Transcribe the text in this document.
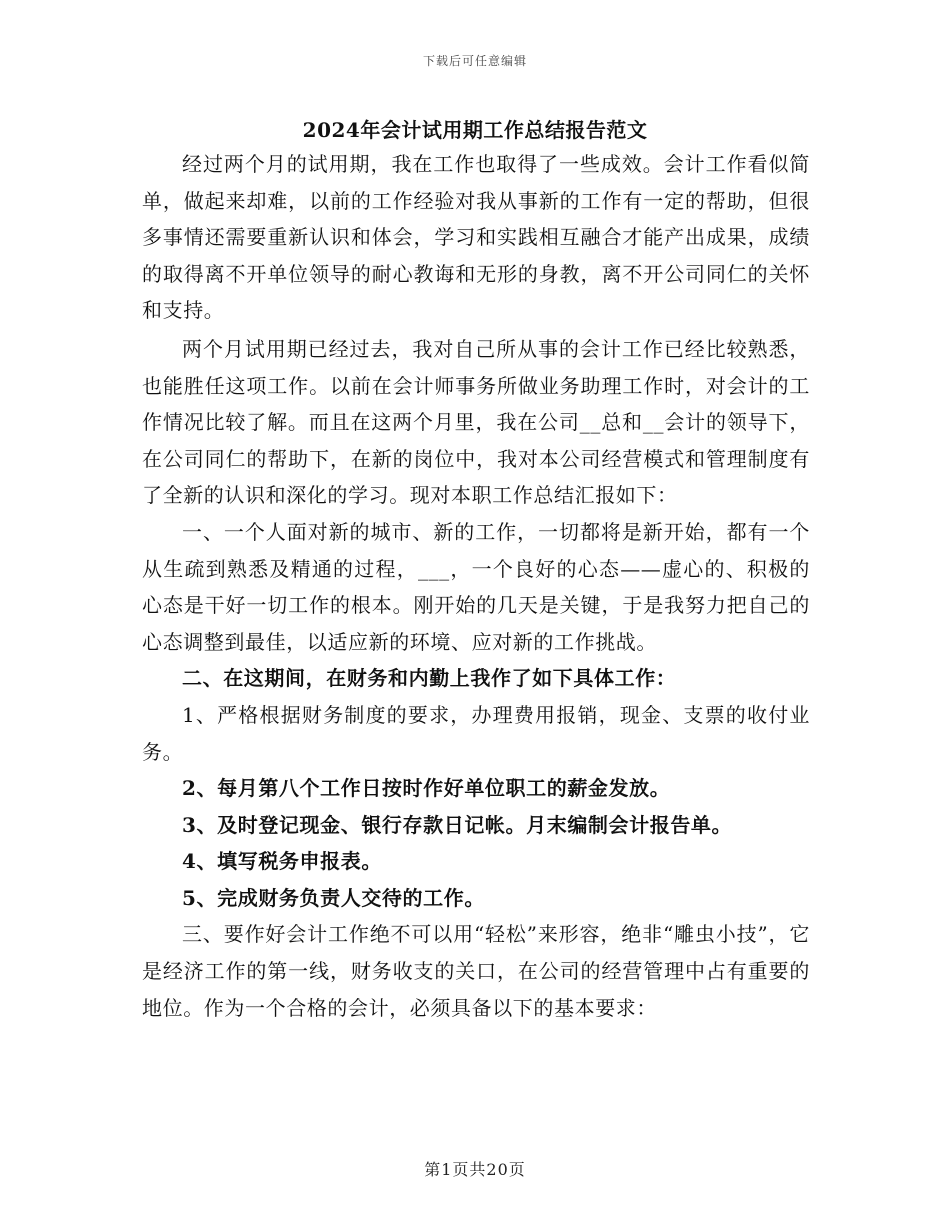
下载后可任意编辑
2024年会计试用期工作总结报告范文

经过两个月的试用期，我在工作也取得了一些成效。会计工作看似简单，做起来却难，以前的工作经验对我从事新的工作有一定的帮助，但很多事情还需要重新认识和体会，学习和实践相互融合才能产出成果，成绩的取得离不开单位领导的耐心教诲和无形的身教，离不开公司同仁的关怀和支持。

两个月试用期已经过去，我对自己所从事的会计工作已经比较熟悉，也能胜任这项工作。以前在会计师事务所做业务助理工作时，对会计的工作情况比较了解。而且在这两个月里，我在公司__总和__会计的领导下，在公司同仁的帮助下，在新的岗位中，我对本公司经营模式和管理制度有了全新的认识和深化的学习。现对本职工作总结汇报如下：

一、一个人面对新的城市、新的工作，一切都将是新开始，都有一个从生疏到熟悉及精通的过程，___，一个良好的心态——虚心的、积极的心态是干好一切工作的根本。刚开始的几天是关键，于是我努力把自己的心态调整到最佳，以适应新的环境、应对新的工作挑战。

二、在这期间，在财务和内勤上我作了如下具体工作：

1、严格根据财务制度的要求，办理费用报销，现金、支票的收付业务。

2、每月第八个工作日按时作好单位职工的薪金发放。

3、及时登记现金、银行存款日记帐。月末编制会计报告单。

4、填写税务申报表。

5、完成财务负责人交待的工作。

三、要作好会计工作绝不可以用“轻松”来形容，绝非“雕虫小技”，它是经济工作的第一线，财务收支的关口，在公司的经营管理中占有重要的地位。作为一个合格的会计，必须具备以下的基本要求：

第1页共20页
